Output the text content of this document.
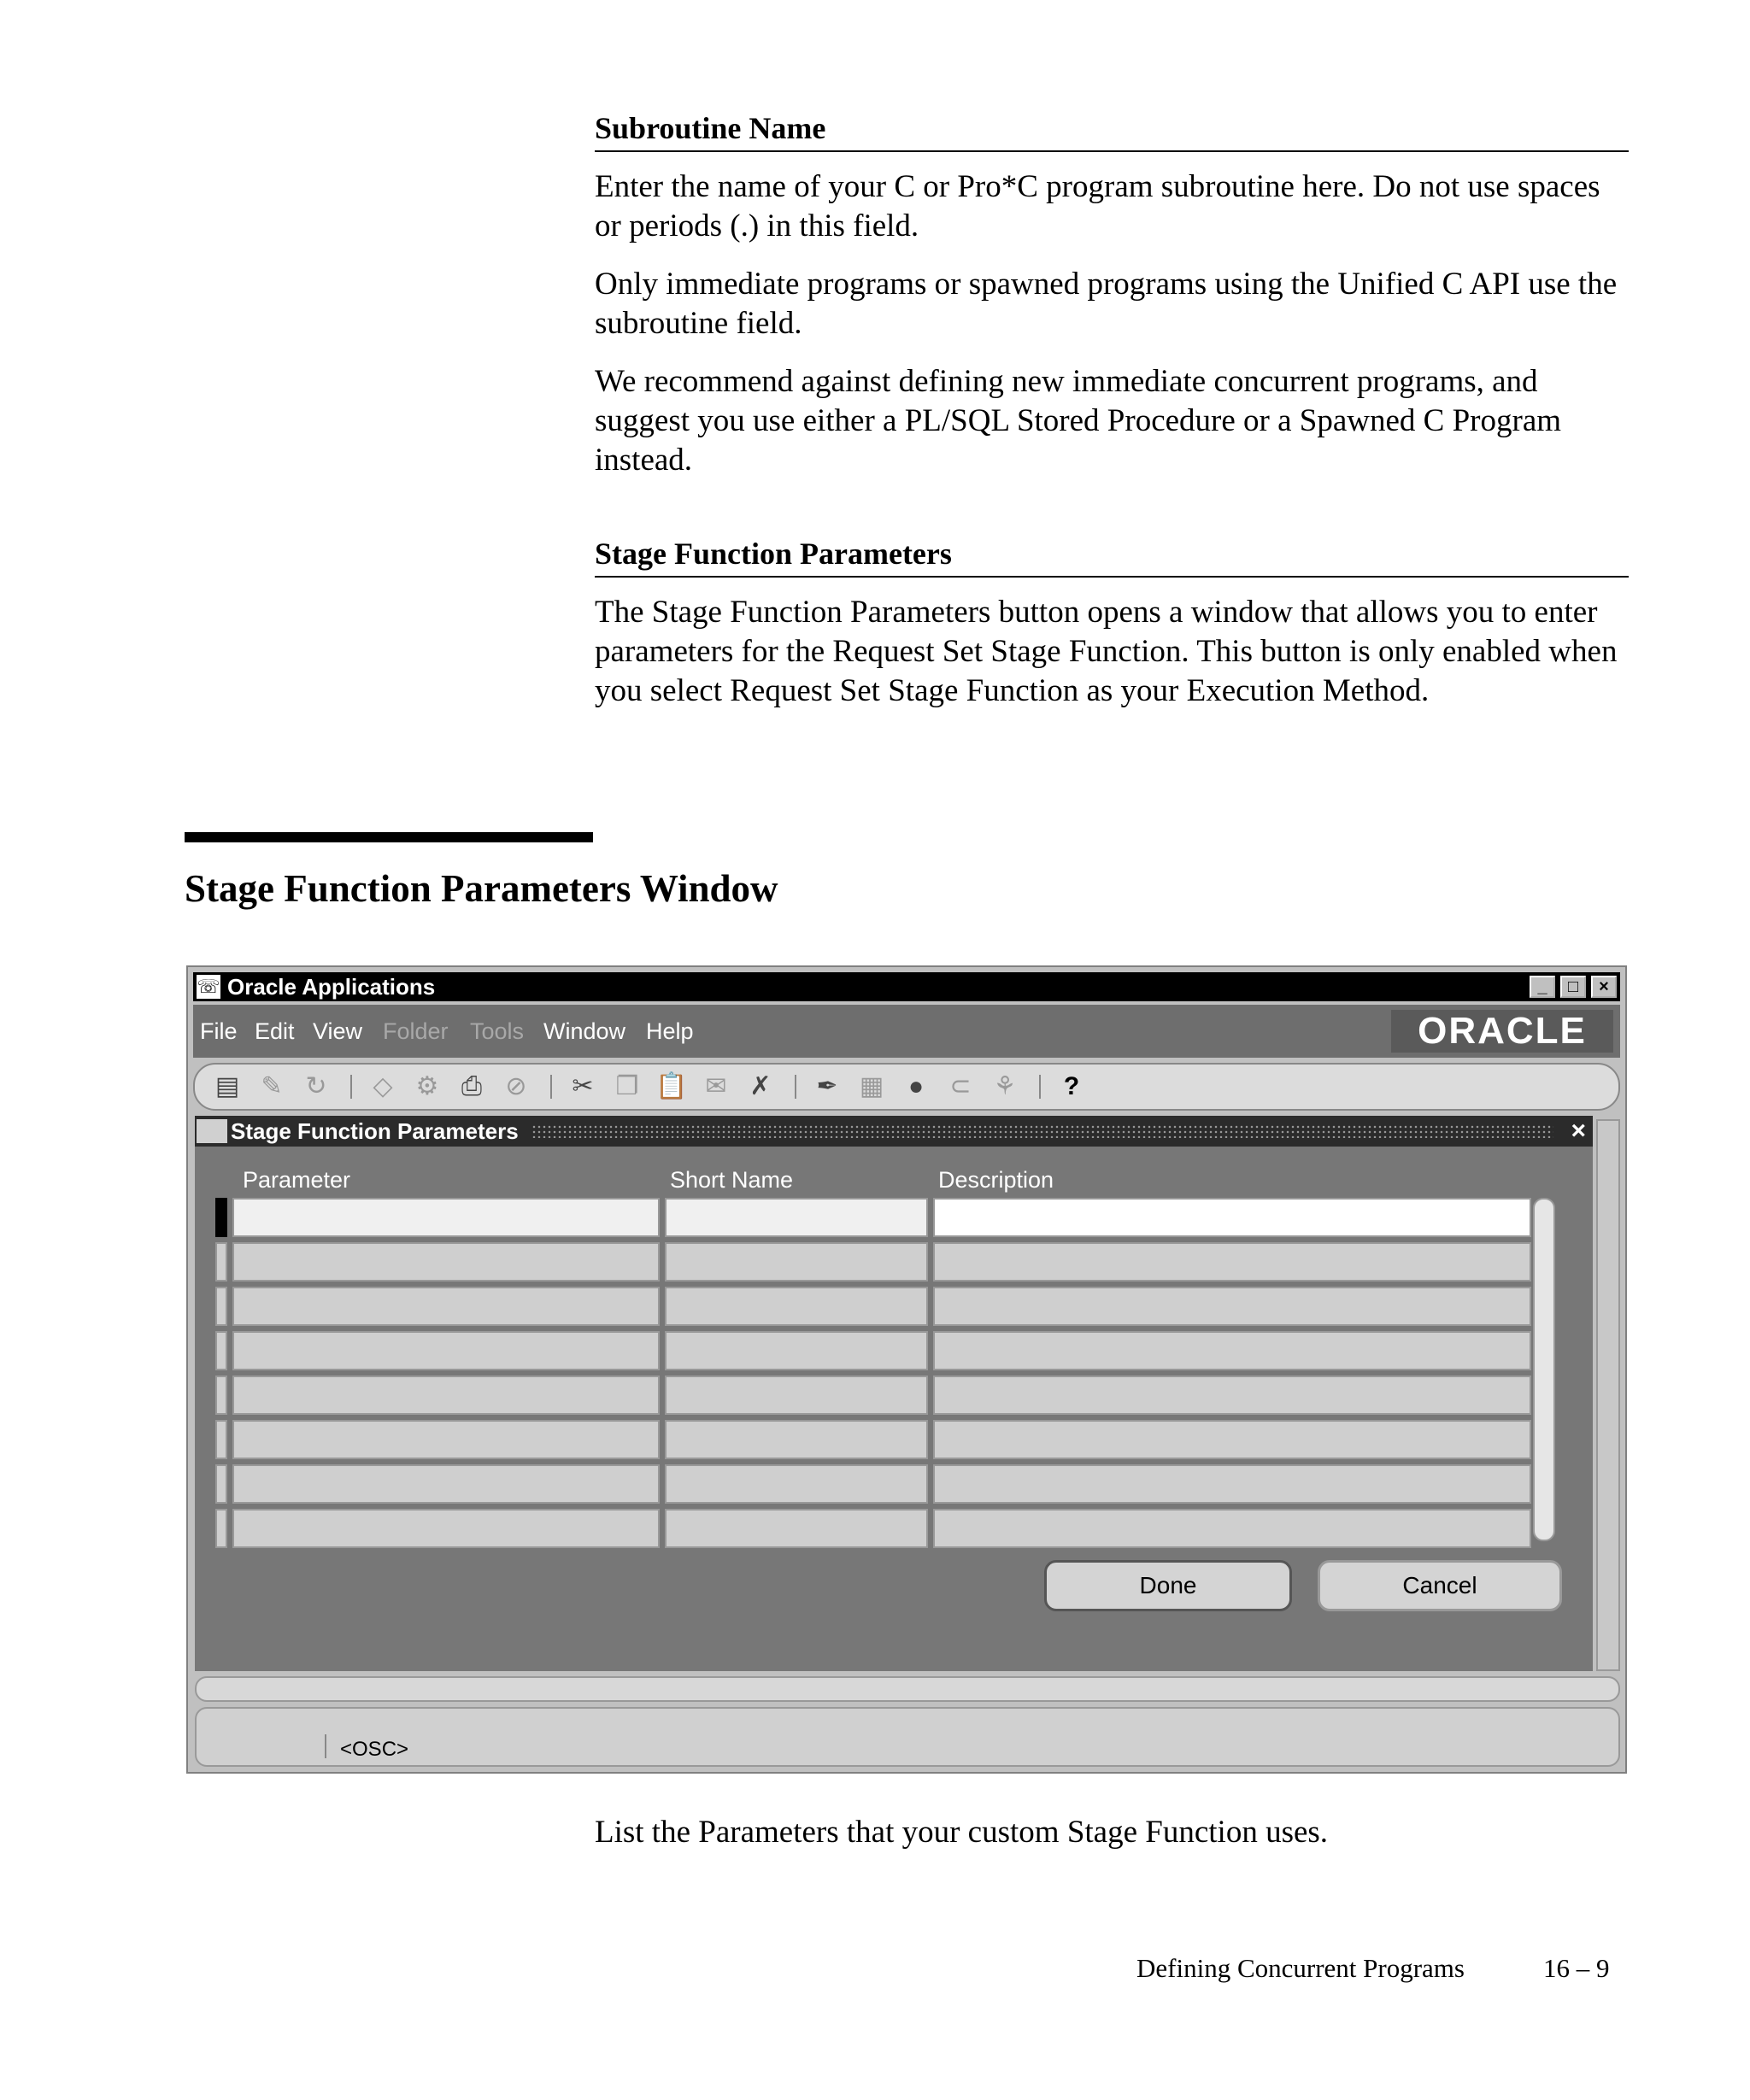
Subroutine Name

Enter the name of your C or Pro*C program subroutine here. Do not use spaces or periods (.) in this field.

Only immediate programs or spawned programs using the Unified C API use the subroutine field.

We recommend against defining new immediate concurrent programs, and suggest you use either a PL/SQL Stored Procedure or a Spawned C Program instead.

Stage Function Parameters

The Stage Function Parameters button opens a window that allows you to enter parameters for the Request Set Stage Function. This button is only enabled when you select Request Set Stage Function as your Execution Method.

Stage Function Parameters Window
☏ Oracle Applications	_	□	×
File Edit View Folder Tools Window Help	ORACLE
▤ ✎ ↻ ◇ ⚙ ⎙ ⊘ ✂ ❐ 📋 ✉ ✗ ✒ ▦ ●	⊂ ⚘	?
Stage Function Parameters	×
Parameter	Short Name	Description
Done	Cancel
<OSC>

List the Parameters that your custom Stage Function uses.

Defining Concurrent Programs	16 – 9
